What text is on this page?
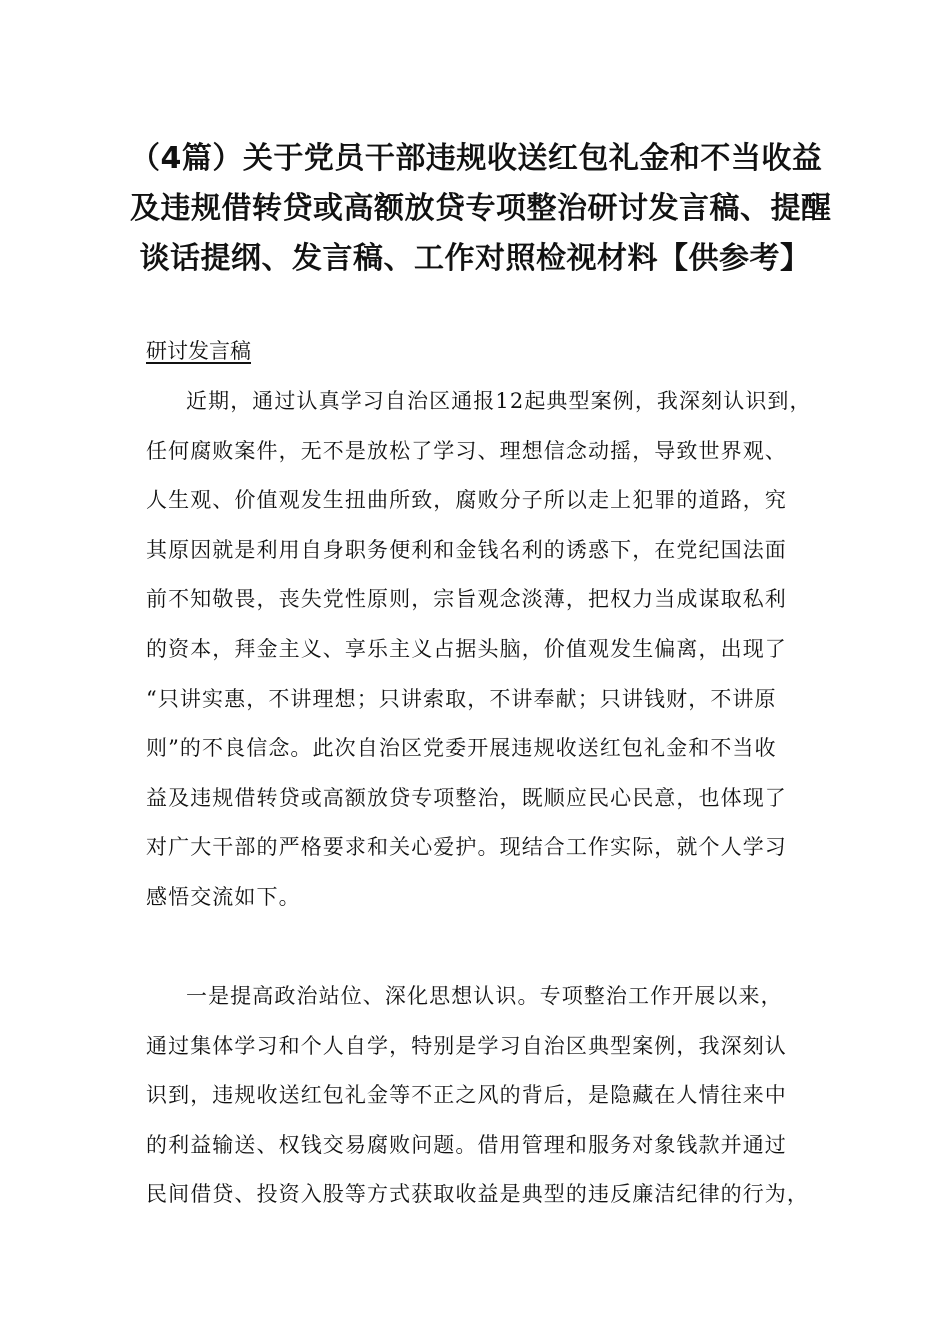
（4篇）关于党员干部违规收送红包礼金和不当收益
及违规借转贷或高额放贷专项整治研讨发言稿、提醒
谈话提纲、发言稿、工作对照检视材料【供参考】
研讨发言稿
近期，通过认真学习自治区通报12起典型案例，我深刻认识到，
任何腐败案件，无不是放松了学习、理想信念动摇，导致世界观、
人生观、价值观发生扭曲所致，腐败分子所以走上犯罪的道路，究
其原因就是利用自身职务便利和金钱名利的诱惑下，在党纪国法面
前不知敬畏，丧失党性原则，宗旨观念淡薄，把权力当成谋取私利
的资本，拜金主义、享乐主义占据头脑，价值观发生偏离，出现了
“只讲实惠，不讲理想；只讲索取，不讲奉献；只讲钱财，不讲原
则”的不良信念。此次自治区党委开展违规收送红包礼金和不当收
益及违规借转贷或高额放贷专项整治，既顺应民心民意，也体现了
对广大干部的严格要求和关心爱护。现结合工作实际，就个人学习
感悟交流如下。
一是提高政治站位、深化思想认识。专项整治工作开展以来，
通过集体学习和个人自学，特别是学习自治区典型案例，我深刻认
识到，违规收送红包礼金等不正之风的背后，是隐藏在人情往来中
的利益输送、权钱交易腐败问题。借用管理和服务对象钱款并通过
民间借贷、投资入股等方式获取收益是典型的违反廉洁纪律的行为，
